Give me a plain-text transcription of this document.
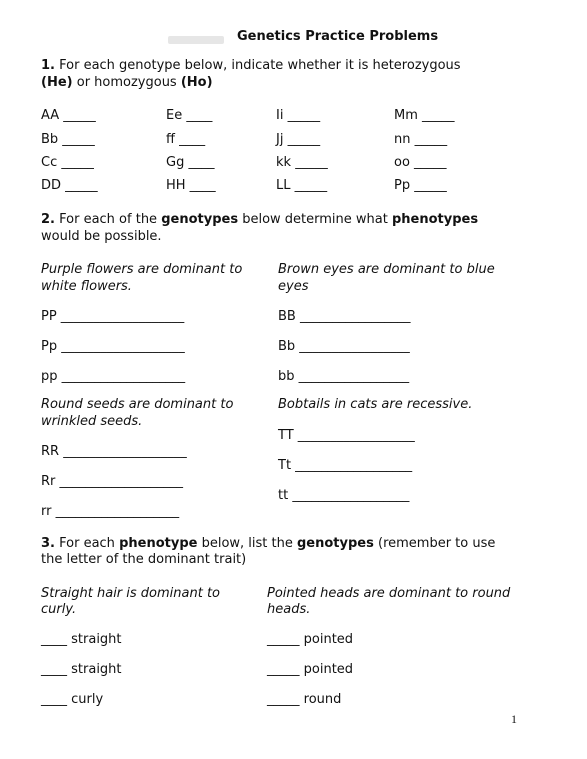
Genetics Practice Problems
1. For each genotype below, indicate whether it is heterozygous
(He) or homozygous (Ho)
AA _____	Ee ____	Ii _____	Mm _____
Bb _____	ff ____	Jj _____	nn _____
Cc _____	Gg ____	kk _____	oo _____
DD _____	HH ____	LL _____	Pp _____
2. For each of the genotypes below determine what phenotypes
would be possible.
Purple flowers are dominant to
white flowers.
Brown eyes are dominant to blue
eyes
PP ___________________
Pp ___________________
pp ___________________
BB _________________
Bb _________________
bb _________________
Round seeds are dominant to
wrinkled seeds.
Bobtails in cats are recessive.
RR ___________________
Rr ___________________
rr ___________________
TT __________________
Tt __________________
tt __________________
3. For each phenotype below, list the genotypes (remember to use
the letter of the dominant trait)
Straight hair is dominant to
curly.
Pointed heads are dominant to round
heads.
____ straight
____ straight
____ curly
_____ pointed
_____ pointed
_____ round
1
